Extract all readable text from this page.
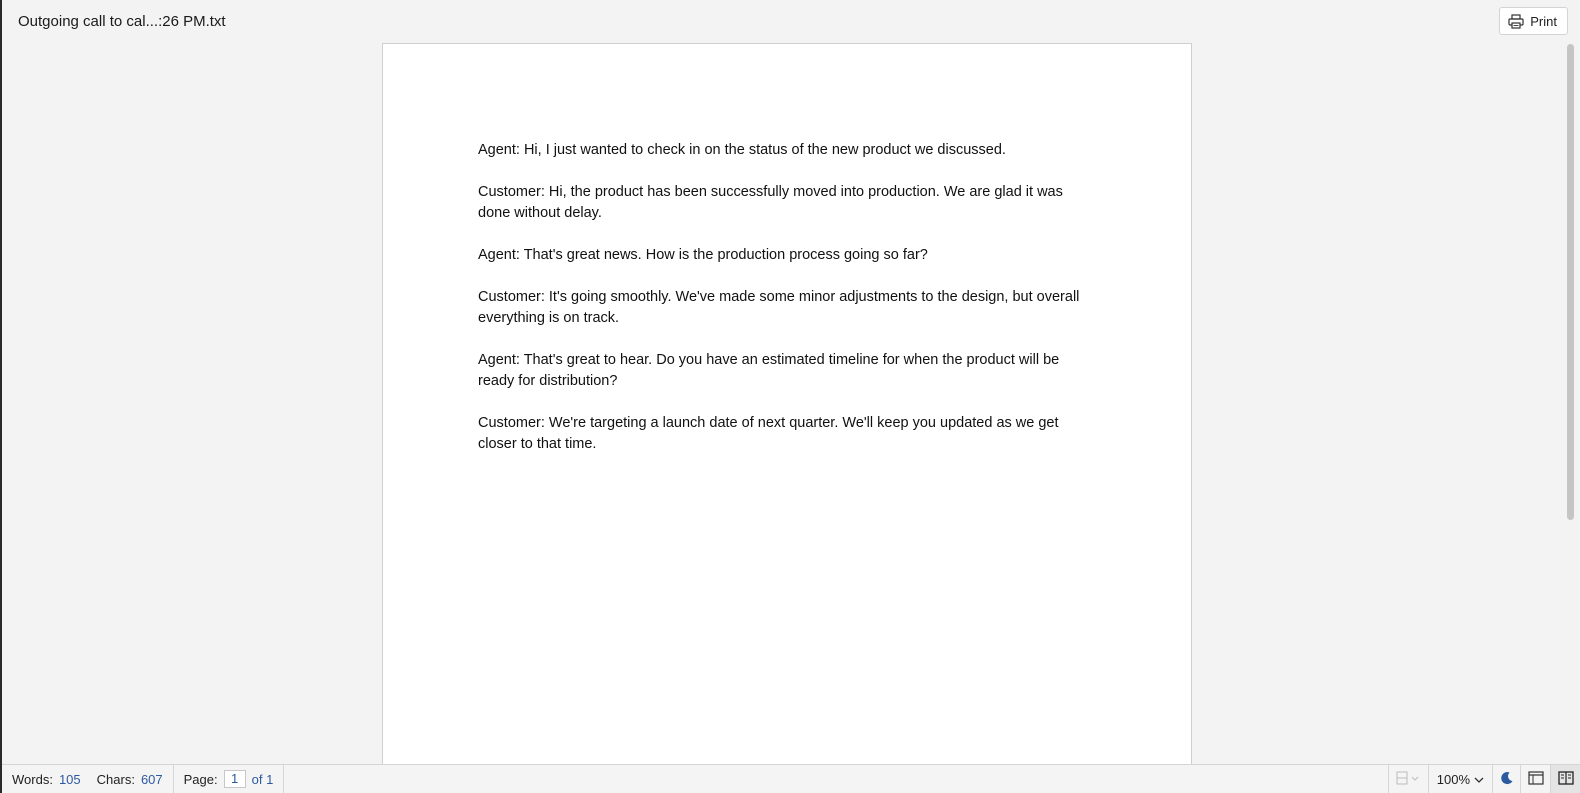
Outgoing call to cal...:26 PM.txt	Print

Agent: Hi, I just wanted to check in on the status of the new product we discussed.

Customer: Hi, the product has been successfully moved into production. We are glad it was done without delay.

Agent: That's great news. How is the production process going so far?

Customer: It's going smoothly. We've made some minor adjustments to the design, but overall everything is on track.

Agent: That's great to hear. Do you have an estimated timeline for when the product will be ready for distribution?

Customer: We're targeting a launch date of next quarter. We'll keep you updated as we get closer to that time.

Words: 105 Chars: 607 Page:	1	of 1	100%
